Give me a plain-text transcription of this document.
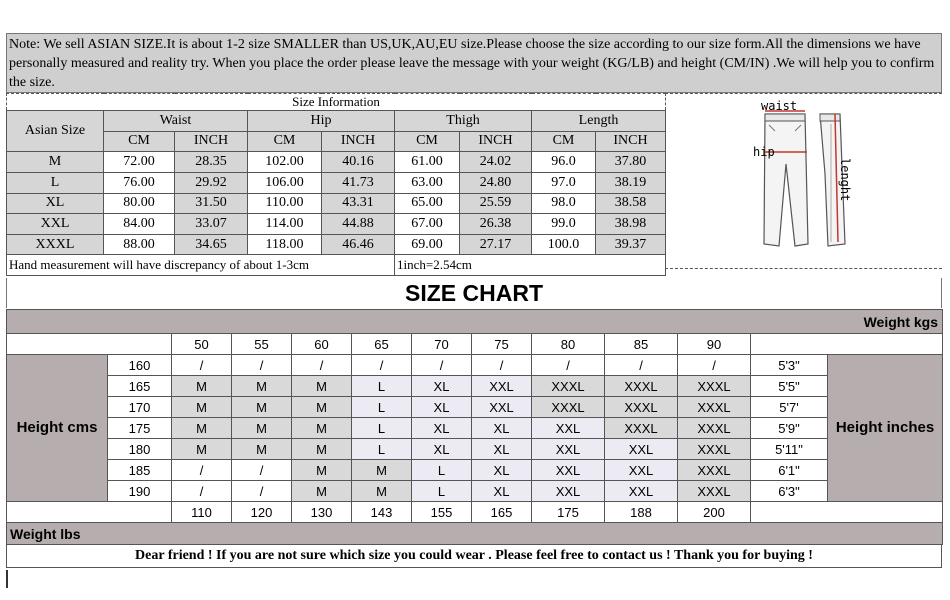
Note: We sell ASIAN SIZE.It is about 1-2 size SMALLER than US,UK,AU,EU size.Please choose the size according to our size form.All the dimensions we have personally measured and reality try. When you place the order please leave the message with your weight (KG/LB) and height (CM/IN) .We will help you to confirm the size.
Size Information								
Asian Size	Waist		Hip		Thigh		Length	
	CM	INCH	CM	INCH	CM	INCH	CM	INCH
M	72.00	28.35	102.00	40.16	61.00	24.02	96.0	37.80
L	76.00	29.92	106.00	41.73	63.00	24.80	97.0	38.19
XL	80.00	31.50	110.00	43.31	65.00	25.59	98.0	38.58
XXL	84.00	33.07	114.00	44.88	67.00	26.38	99.0	38.98
XXXL	88.00	34.65	118.00	46.46	69.00	27.17	100.0	39.37
Hand measurement will have discrepancy of about 1-3cm					1inch=2.54cm			
waist
hip
lenght
SIZE CHART
Weight kgs												
		50	55	60	65	70	75	80	85	90		
Height cms	160	/	/	/	/	/	/	/	/	/	5'3"	Height inches
	165	M	M	M	L	XL	XXL	XXXL	XXXL	XXXL	5'5"	
	170	M	M	M	L	XL	XXL	XXXL	XXXL	XXXL	5'7'	
	175	M	M	M	L	XL	XL	XXL	XXXL	XXXL	5'9"	
	180	M	M	M	L	XL	XL	XXL	XXL	XXXL	5'11"	
	185	/	/	M	M	L	XL	XXL	XXL	XXXL	6'1"	
	190	/	/	M	M	L	XL	XXL	XXL	XXXL	6'3"	
		110	120	130	143	155	165	175	188	200		
Weight lbs												
Dear friend ! If you are not sure which size you could wear . Please feel free to contact us ! Thank you for buying !
